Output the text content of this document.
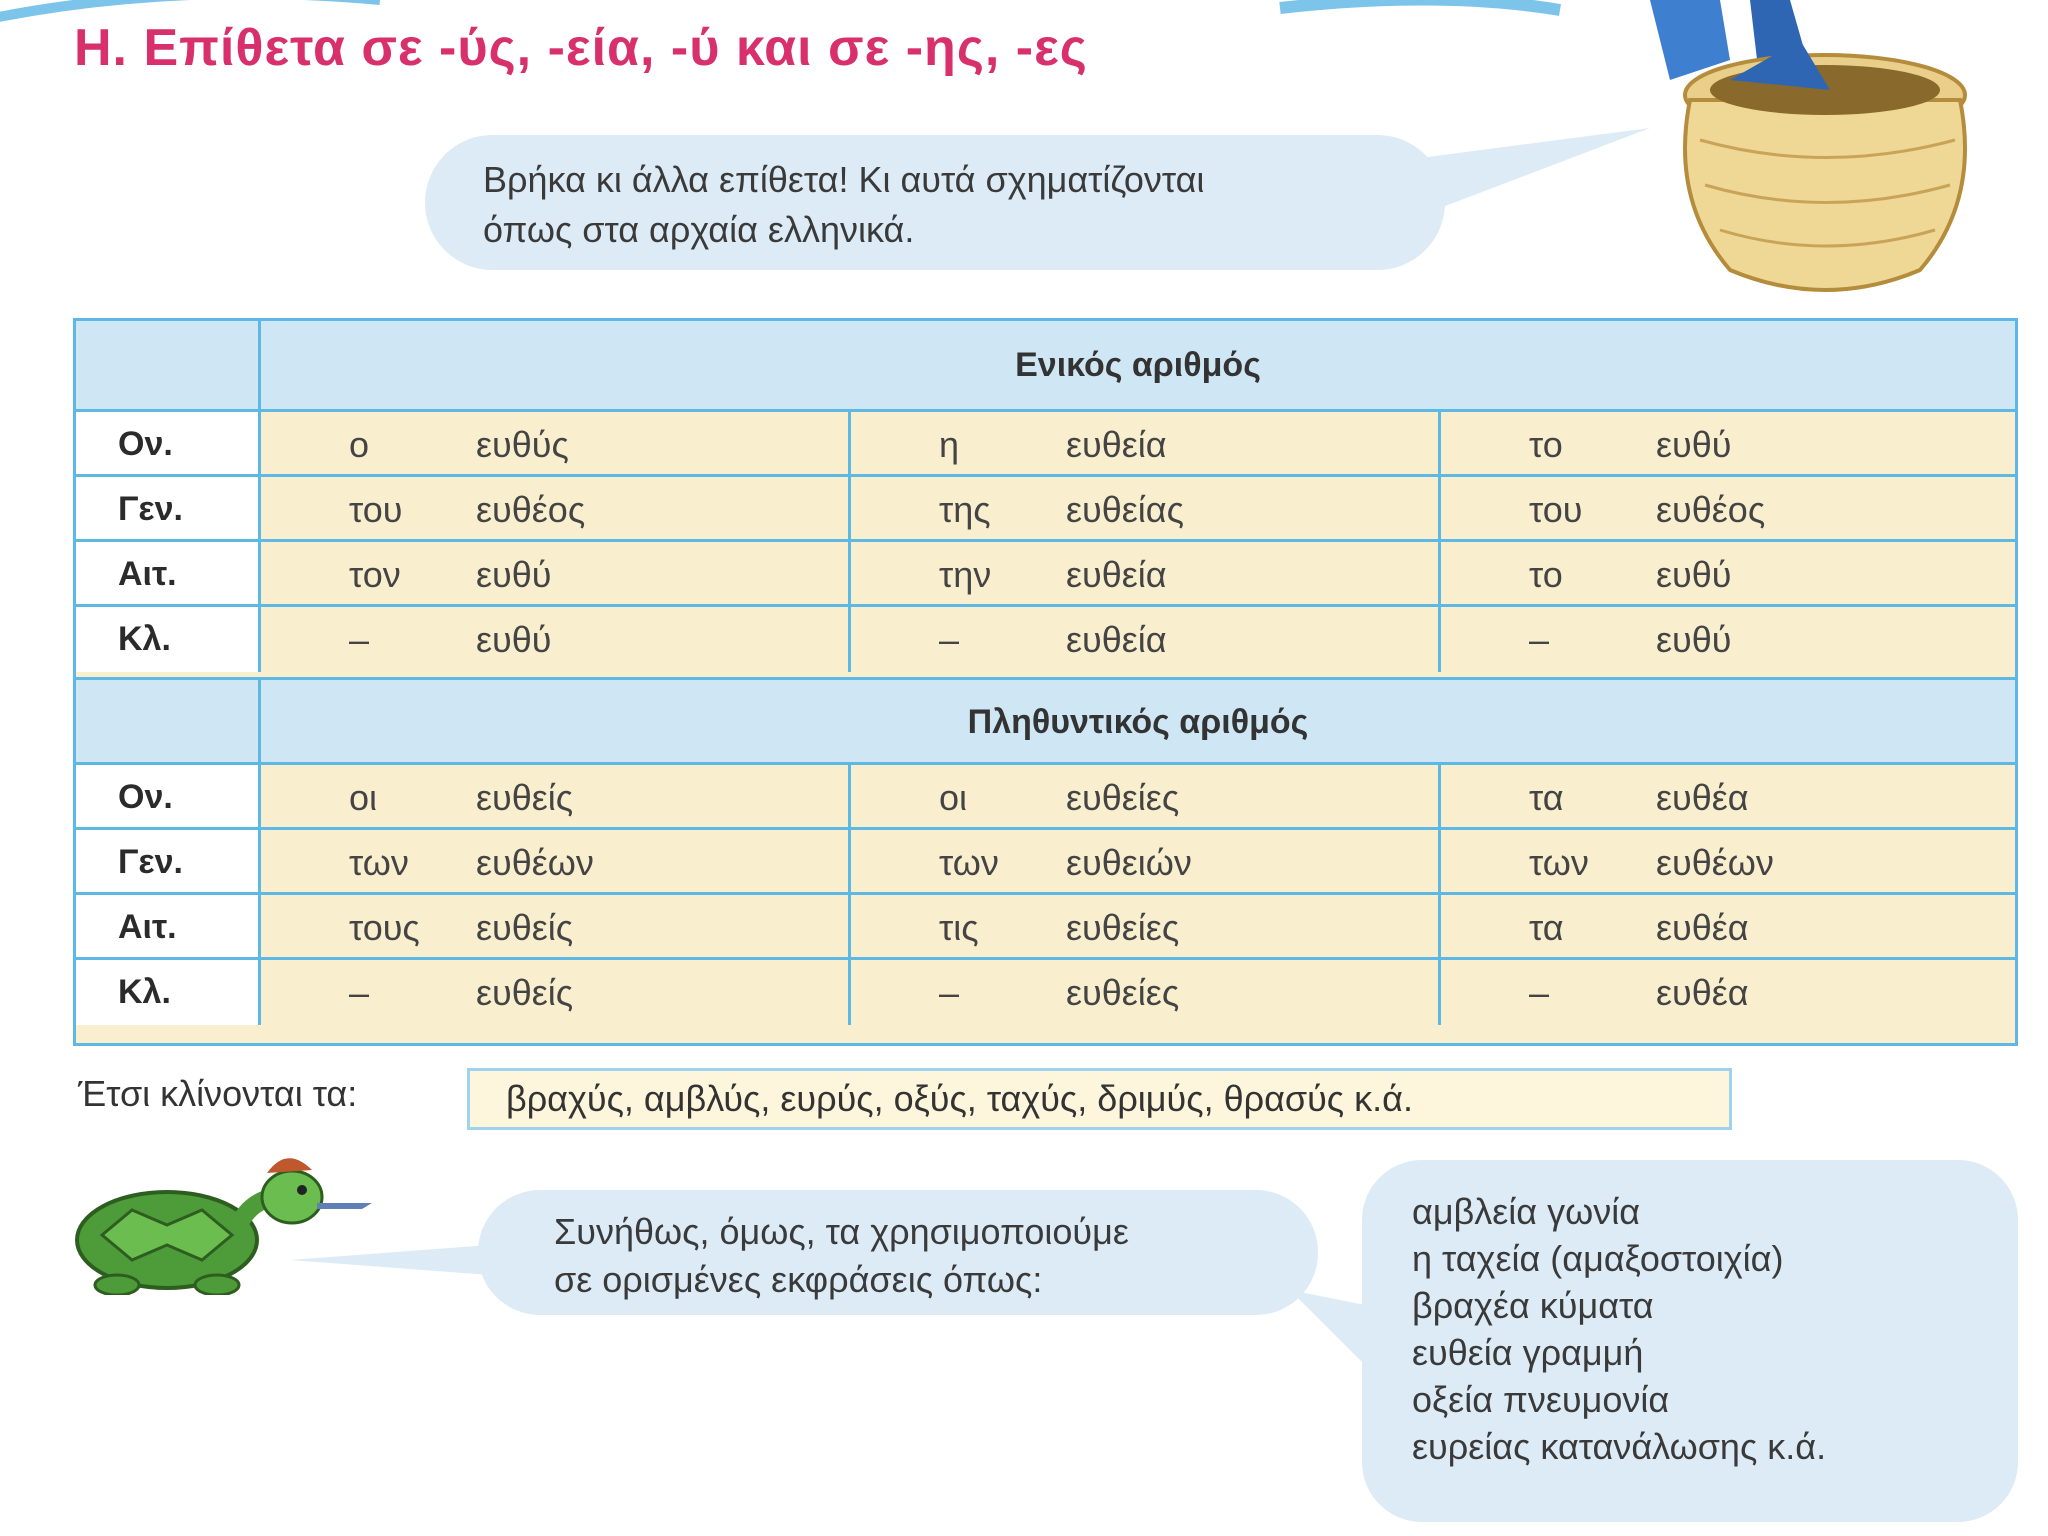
Η. Επίθετα σε -ύς, -εία, -ύ και σε -ης, -ες
Βρήκα κι άλλα επίθετα! Κι αυτά σχηματίζονται
όπως στα αρχαία ελληνικά.
Ενικός αριθμός
Ον.	ο	ευθύς	η	ευθεία	το	ευθύ
Γεν.	του ευθέος	της ευθείας	του ευθέος
Αιτ.	τον ευθύ	την ευθεία	το	ευθύ
Κλ.	–	ευθύ	–	ευθεία	–	ευθύ
Πληθυντικός αριθμός
Ον.	οι	ευθείς	οι	ευθείες	τα	ευθέα
Γεν.	των ευθέων	των ευθειών	των ευθέων
Αιτ.	τους ευθείς	τις ευθείες	τα	ευθέα
Κλ.	–	ευθείς	–	ευθείες	–	ευθέα
Έτσι κλίνονται τα:	βραχύς, αμβλύς, ευρύς, οξύς, ταχύς, δριμύς, θρασύς κ.ά.
Συνήθως, όμως, τα χρησιμοποιούμε
σε ορισμένες εκφράσεις όπως:
αμβλεία γωνία
η ταχεία (αμαξοστοιχία)
βραχέα κύματα
ευθεία γραμμή
οξεία πνευμονία
ευρείας κατανάλωσης κ.ά.
